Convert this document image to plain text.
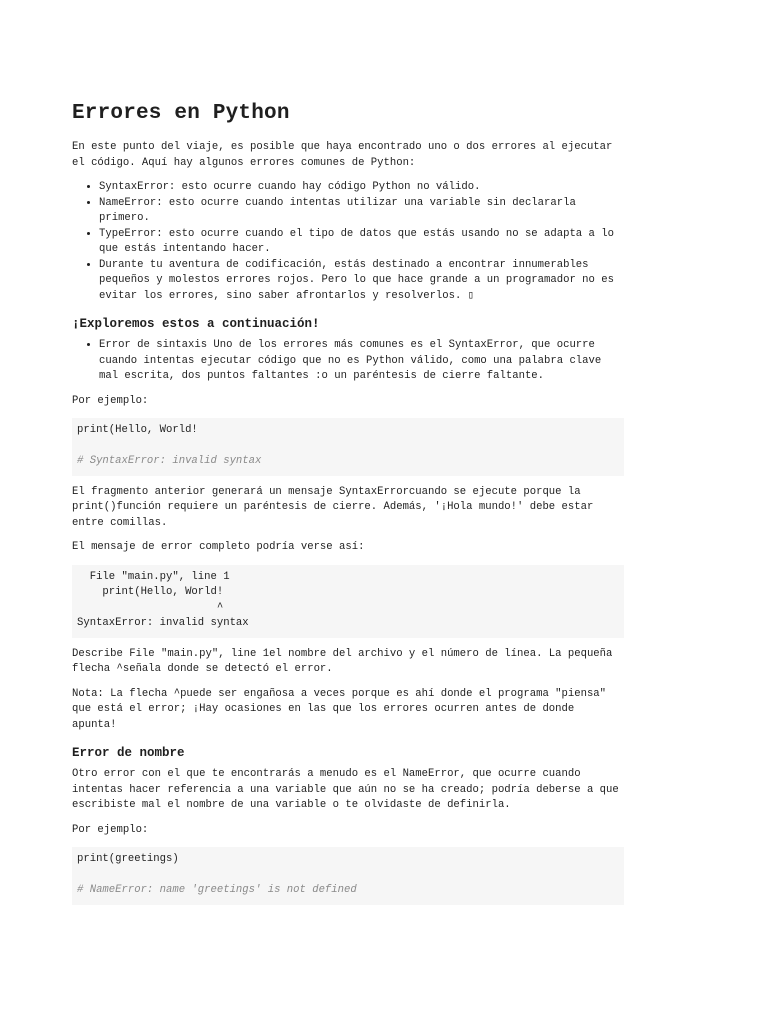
Errores en Python

En este punto del viaje, es posible que haya encontrado uno o dos errores al ejecutar el código. Aquí hay algunos errores comunes de Python:

• SyntaxError: esto ocurre cuando hay código Python no válido.
• NameError: esto ocurre cuando intentas utilizar una variable sin declararla primero.
• TypeError: esto ocurre cuando el tipo de datos que estás usando no se adapta a lo que estás intentando hacer.
• Durante tu aventura de codificación, estás destinado a encontrar innumerables pequeños y molestos errores rojos. Pero lo que hace grande a un programador no es evitar los errores, sino saber afrontarlos y resolverlos. ▯
¡Exploremos estos a continuación!
• Error de sintaxis Uno de los errores más comunes es el SyntaxError, que ocurre cuando intentas ejecutar código que no es Python válido, como una palabra clave mal escrita, dos puntos faltantes :o un paréntesis de cierre faltante.

Por ejemplo:

print(Hello, World!

# SyntaxError: invalid syntax

El fragmento anterior generará un mensaje SyntaxErrorcuando se ejecute porque la print()función requiere un paréntesis de cierre. Además, '¡Hola mundo!' debe estar entre comillas.

El mensaje de error completo podría verse así:

File "main.py", line 1
print(Hello, World!
^
SyntaxError: invalid syntax

Describe File "main.py", line 1el nombre del archivo y el número de línea. La pequeña flecha ^señala donde se detectó el error.

Nota: La flecha ^puede ser engañosa a veces porque es ahí donde el programa "piensa" que está el error; ¡Hay ocasiones en las que los errores ocurren antes de donde apunta!

Error de nombre

Otro error con el que te encontrarás a menudo es el NameError, que ocurre cuando intentas hacer referencia a una variable que aún no se ha creado; podría deberse a que escribiste mal el nombre de una variable o te olvidaste de definirla.

Por ejemplo:

print(greetings)

# NameError: name 'greetings' is not defined
